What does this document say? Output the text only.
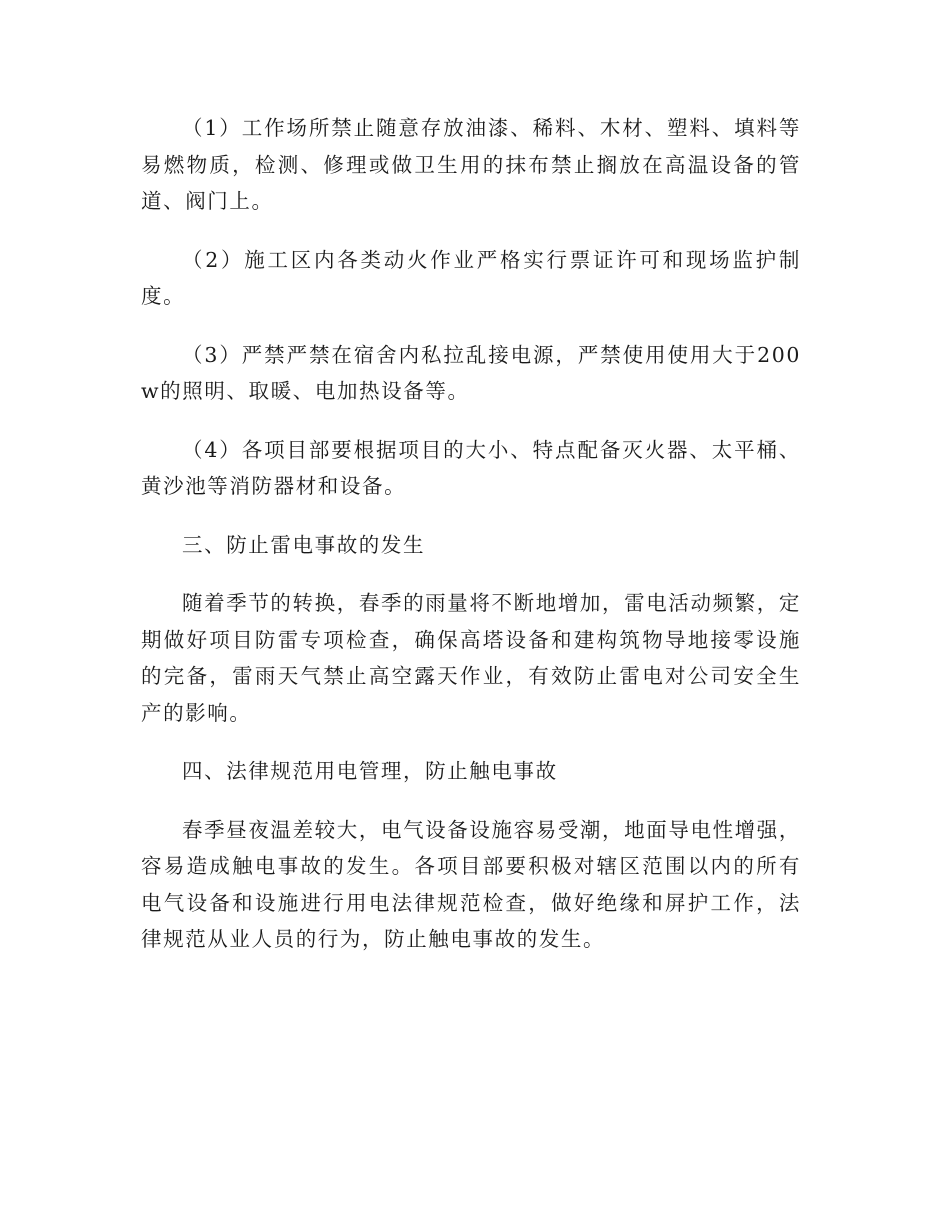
（1）工作场所禁止随意存放油漆、稀料、木材、塑料、填料等易燃物质，检测、修理或做卫生用的抹布禁止搁放在高温设备的管道、阀门上。

（2）施工区内各类动火作业严格实行票证许可和现场监护制度。

（3）严禁严禁在宿舍内私拉乱接电源，严禁使用使用大于200w的照明、取暖、电加热设备等。

（4）各项目部要根据项目的大小、特点配备灭火器、太平桶、黄沙池等消防器材和设备。

三、防止雷电事故的发生

随着季节的转换，春季的雨量将不断地增加，雷电活动频繁，定期做好项目防雷专项检查，确保高塔设备和建构筑物导地接零设施的完备，雷雨天气禁止高空露天作业，有效防止雷电对公司安全生产的影响。

四、法律规范用电管理，防止触电事故

春季昼夜温差较大，电气设备设施容易受潮，地面导电性增强，容易造成触电事故的发生。各项目部要积极对辖区范围以内的所有电气设备和设施进行用电法律规范检查，做好绝缘和屏护工作，法律规范从业人员的行为，防止触电事故的发生。
